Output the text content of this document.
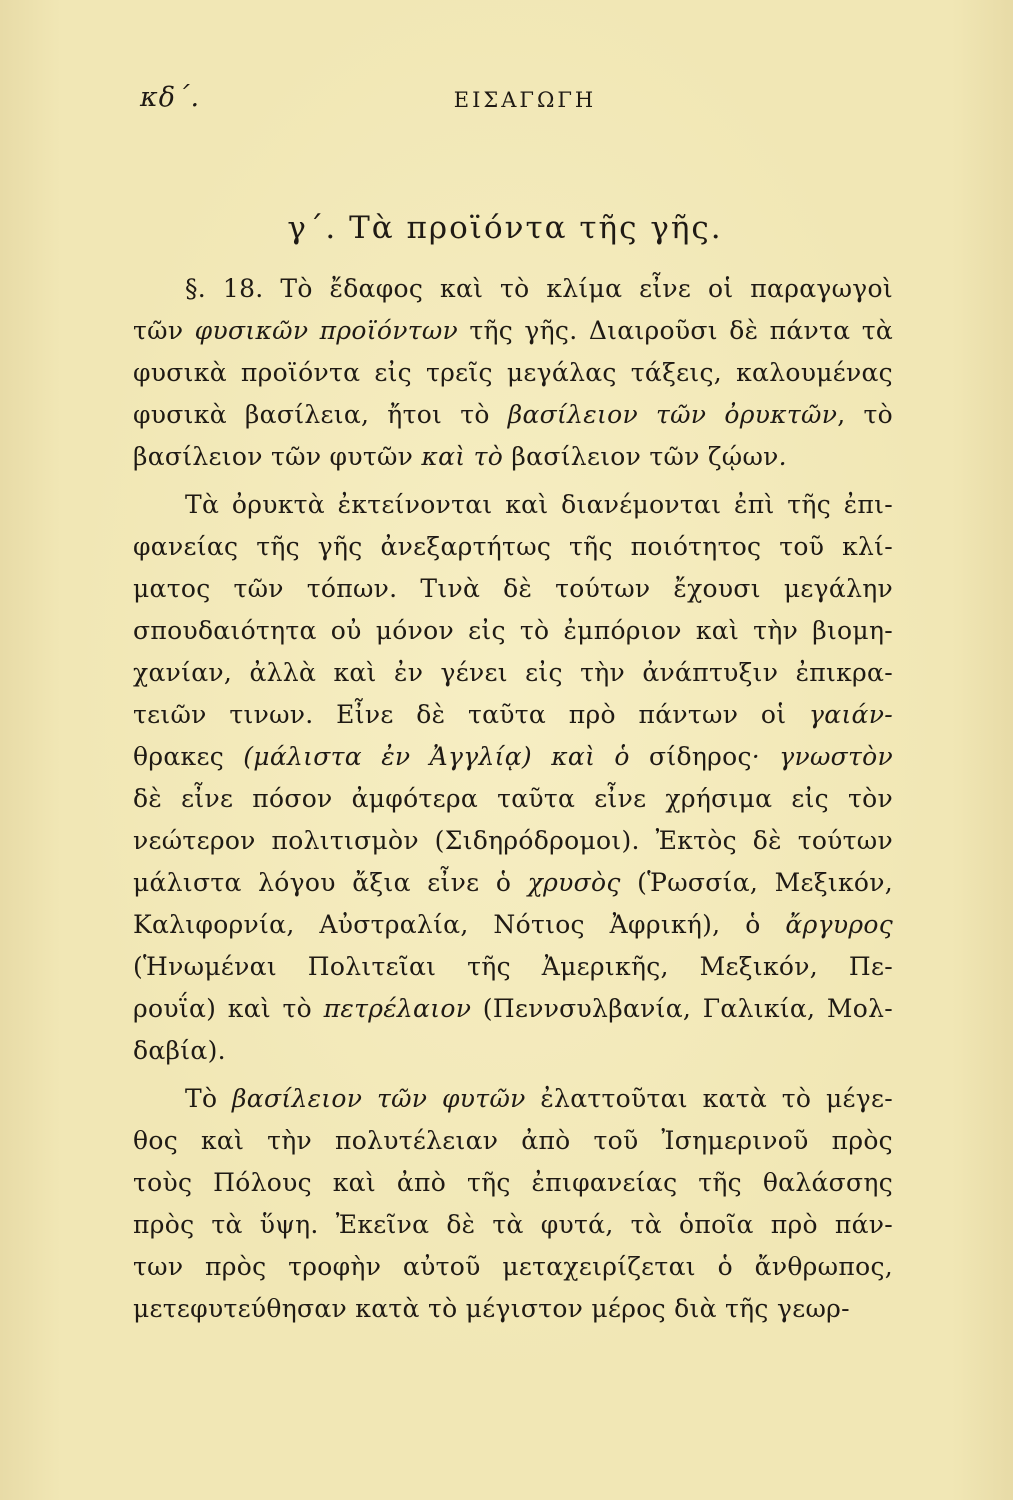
κδ΄.	ΕΙΣΑΓΩΓΗ
γ΄. Τὰ προϊόντα τῆς γῆς.
§. 18. Τὸ ἔδαφος καὶ τὸ κλίμα εἶνε οἱ παραγωγοὶ
τῶν φυσικῶν προϊόντων τῆς γῆς. Διαιροῦσι δὲ πάντα τὰ
φυσικὰ προϊόντα εἰς τρεῖς μεγάλας τάξεις, καλουμένας
φυσικὰ βασίλεια, ἤτοι τὸ βασίλειον τῶν ὀρυκτῶν, τὸ
βασίλειον τῶν φυτῶν καὶ τὸ βασίλειον τῶν ζῴων.
Τὰ ὀρυκτὰ ἐκτείνονται καὶ διανέμονται ἐπὶ τῆς ἐπι-
φανείας τῆς γῆς ἀνεξαρτήτως τῆς ποιότητος τοῦ κλί-
ματος τῶν τόπων. Τινὰ δὲ τούτων ἔχουσι μεγάλην
σπουδαιότητα οὐ μόνον εἰς τὸ ἐμπόριον καὶ τὴν βιομη-
χανίαν, ἀλλὰ καὶ ἐν γένει εἰς τὴν ἀνάπτυξιν ἐπικρα-
τειῶν τινων. Εἶνε δὲ ταῦτα πρὸ πάντων οἱ γαιάν-
θρακες (μάλιστα ἐν Ἀγγλίᾳ) καὶ ὁ σίδηρος· γνωστὸν
δὲ εἶνε πόσον ἀμφότερα ταῦτα εἶνε χρήσιμα εἰς τὸν
νεώτερον πολιτισμὸν (Σιδηρόδρομοι). Ἐκτὸς δὲ τούτων
μάλιστα λόγου ἄξια εἶνε ὁ χρυσὸς (Ῥωσσία, Μεξικόν,
Καλιφορνία, Αὐστραλία, Νότιος Ἀφρική), ὁ ἄργυρος
(Ἡνωμέναι Πολιτεῖαι τῆς Ἀμερικῆς, Μεξικόν, Πε-
ρουΐα) καὶ τὸ πετρέλαιον (Πεννσυλβανία, Γαλικία, Μολ-
δαβία).
Τὸ βασίλειον τῶν φυτῶν ἐλαττοῦται κατὰ τὸ μέγε-
θος καὶ τὴν πολυτέλειαν ἀπὸ τοῦ Ἰσημερινοῦ πρὸς
τοὺς Πόλους καὶ ἀπὸ τῆς ἐπιφανείας τῆς θαλάσσης
πρὸς τὰ ὕψη. Ἐκεῖνα δὲ τὰ φυτά, τὰ ὁποῖα πρὸ πάν-
των πρὸς τροφὴν αὐτοῦ μεταχειρίζεται ὁ ἄνθρωπος,
μετεφυτεύθησαν κατὰ τὸ μέγιστον μέρος διὰ τῆς γεωρ-
